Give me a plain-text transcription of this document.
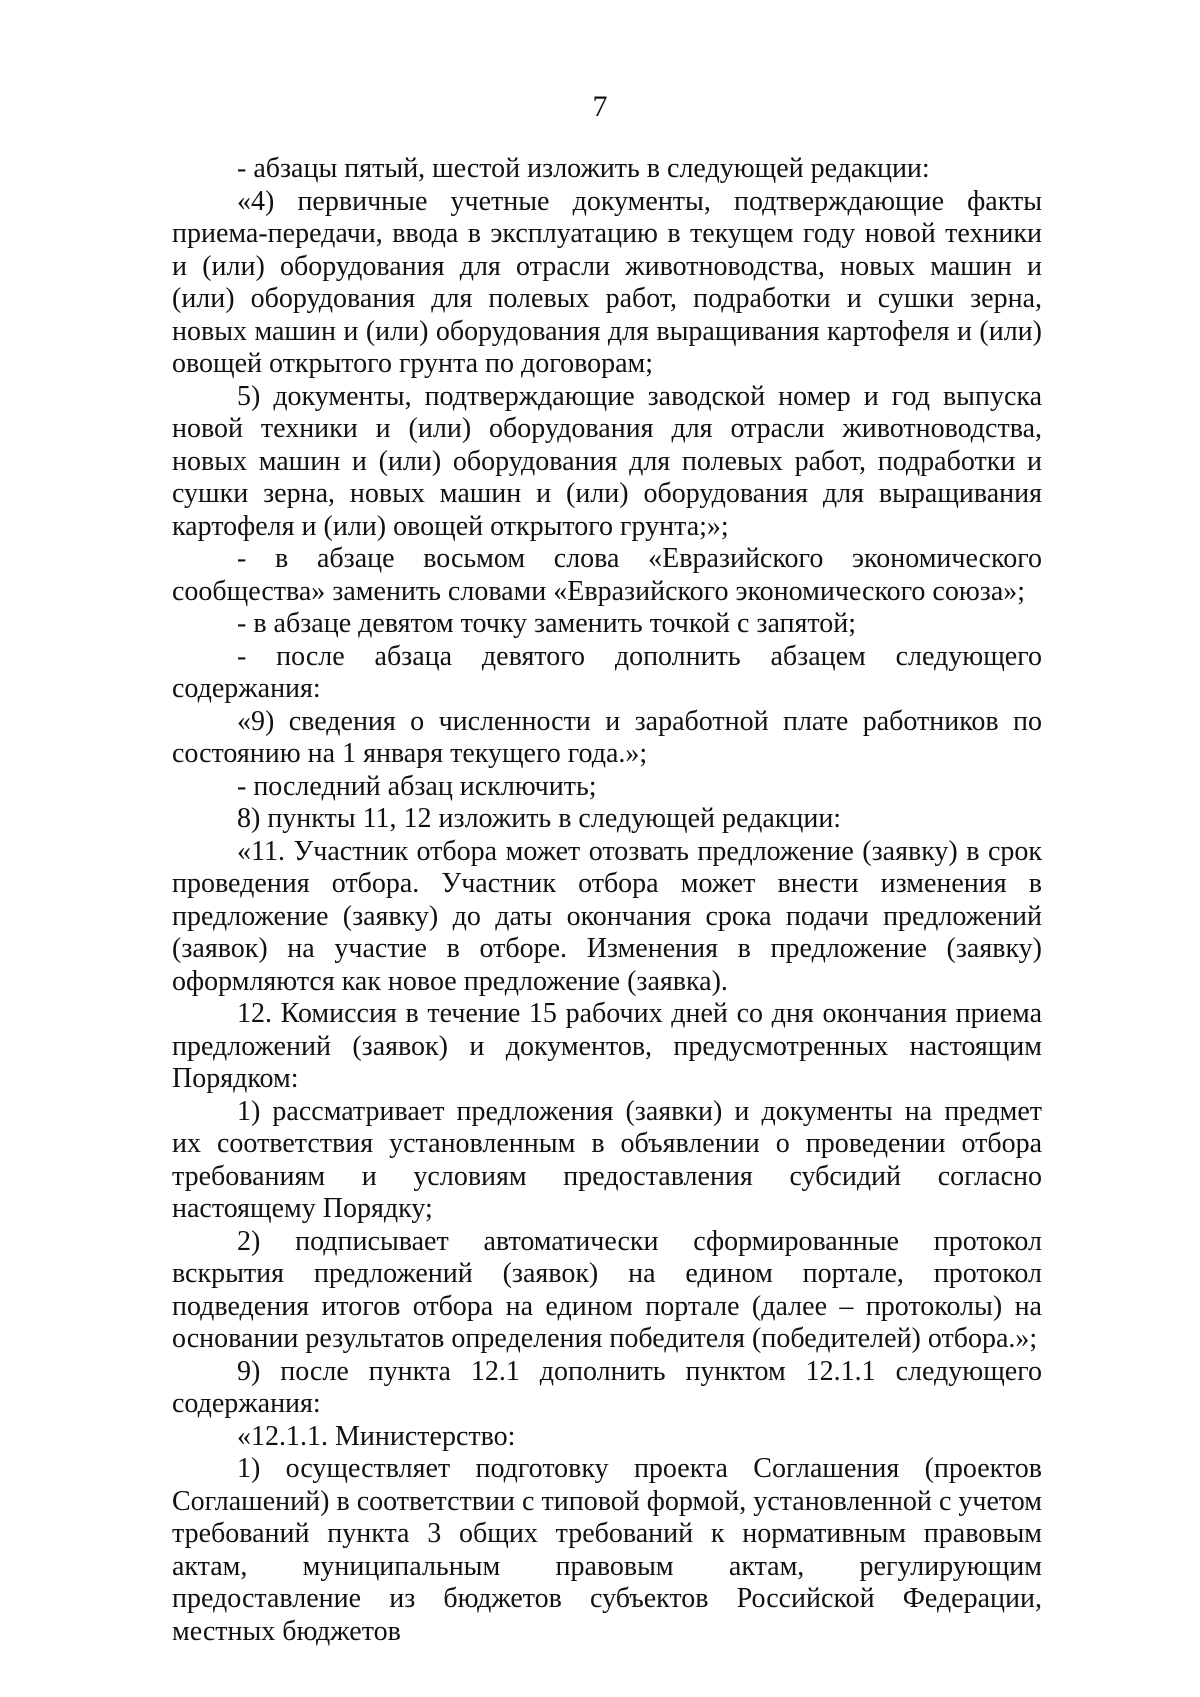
7

- абзацы пятый, шестой изложить в следующей редакции:

«4) первичные учетные документы, подтверждающие факты приема-передачи, ввода в эксплуатацию в текущем году новой техники и (или) оборудования для отрасли животноводства, новых машин и (или) оборудования для полевых работ, подработки и сушки зерна, новых машин и (или) оборудования для выращивания картофеля и (или) овощей открытого грунта по договорам;

5) документы, подтверждающие заводской номер и год выпуска новой техники и (или) оборудования для отрасли животноводства, новых машин и (или) оборудования для полевых работ, подработки и сушки зерна, новых машин и (или) оборудования для выращивания картофеля и (или) овощей открытого грунта;»;

- в абзаце восьмом слова «Евразийского экономического сообщества» заменить словами «Евразийского экономического союза»;

- в абзаце девятом точку заменить точкой с запятой;

- после абзаца девятого дополнить абзацем следующего содержания:

«9) сведения о численности и заработной плате работников по состоянию на 1 января текущего года.»;

- последний абзац исключить;

8) пункты 11, 12 изложить в следующей редакции:

«11. Участник отбора может отозвать предложение (заявку) в срок проведения отбора. Участник отбора может внести изменения в предложение (заявку) до даты окончания срока подачи предложений (заявок) на участие в отборе. Изменения в предложение (заявку) оформляются как новое предложение (заявка).

12. Комиссия в течение 15 рабочих дней со дня окончания приема предложений (заявок) и документов, предусмотренных настоящим Порядком:

1) рассматривает предложения (заявки) и документы на предмет их соответствия установленным в объявлении о проведении отбора требованиям и условиям предоставления субсидий согласно настоящему Порядку;

2) подписывает автоматически сформированные протокол вскрытия предложений (заявок) на едином портале, протокол подведения итогов отбора на едином портале (далее – протоколы) на основании результатов определения победителя (победителей) отбора.»;

9) после пункта 12.1 дополнить пунктом 12.1.1 следующего содержания:

«12.1.1. Министерство:

1) осуществляет подготовку проекта Соглашения (проектов Соглашений) в соответствии с типовой формой, установленной с учетом требований пункта 3 общих требований к нормативным правовым актам, муниципальным правовым актам, регулирующим предоставление из бюджетов субъектов Российской Федерации, местных бюджетов
